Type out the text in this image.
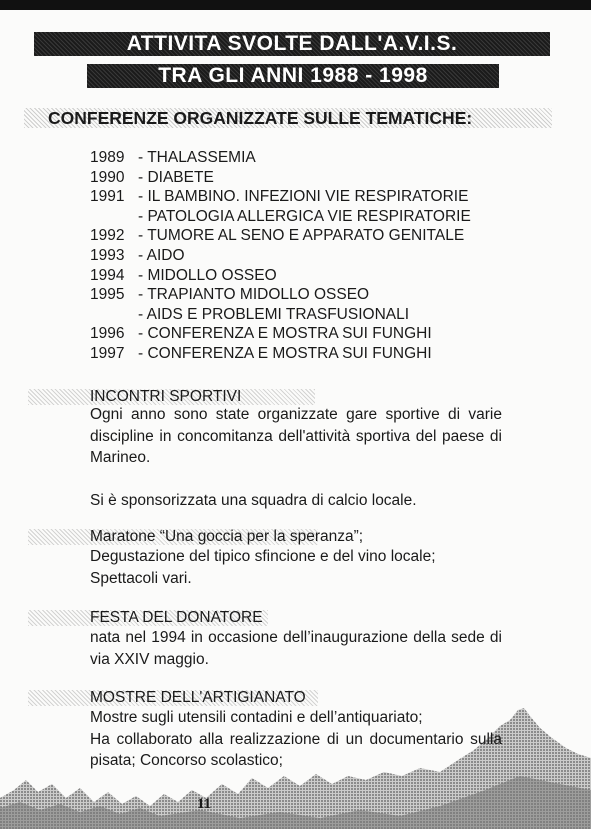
ATTIVITA SVOLTE DALL'A.V.I.S.
TRA GLI ANNI 1988 - 1998
CONFERENZE ORGANIZZATE SULLE TEMATICHE:
1989 - THALASSEMIA
1990 - DIABETE
1991 - IL BAMBINO. INFEZIONI VIE RESPIRATORIE
- PATOLOGIA ALLERGICA VIE RESPIRATORIE
1992 - TUMORE AL SENO E APPARATO GENITALE
1993 - AIDO
1994 - MIDOLLO OSSEO
1995 - TRAPIANTO MIDOLLO OSSEO
- AIDS E PROBLEMI TRASFUSIONALI
1996 - CONFERENZA E MOSTRA SUI FUNGHI
1997 - CONFERENZA E MOSTRA SUI FUNGHI
INCONTRI SPORTIVI

Ogni anno sono state organizzate gare sportive di varie discipline in concomitanza dell'attività sportiva del paese di Marineo.

Si è sponsorizzata una squadra di calcio locale.

Maratone “Una goccia per la speranza”;

Degustazione del tipico sfincione e del vino locale;

Spettacoli vari.

FESTA DEL DONATORE
nata nel 1994 in occasione dell’inaugurazione della sede di via XXIV maggio.
MOSTRE DELL'ARTIGIANATO

Mostre sugli utensili contadini e dell’antiquariato;

Ha collaborato alla realizzazione di un documentario sulla pisata; Concorso scolastico;

11
